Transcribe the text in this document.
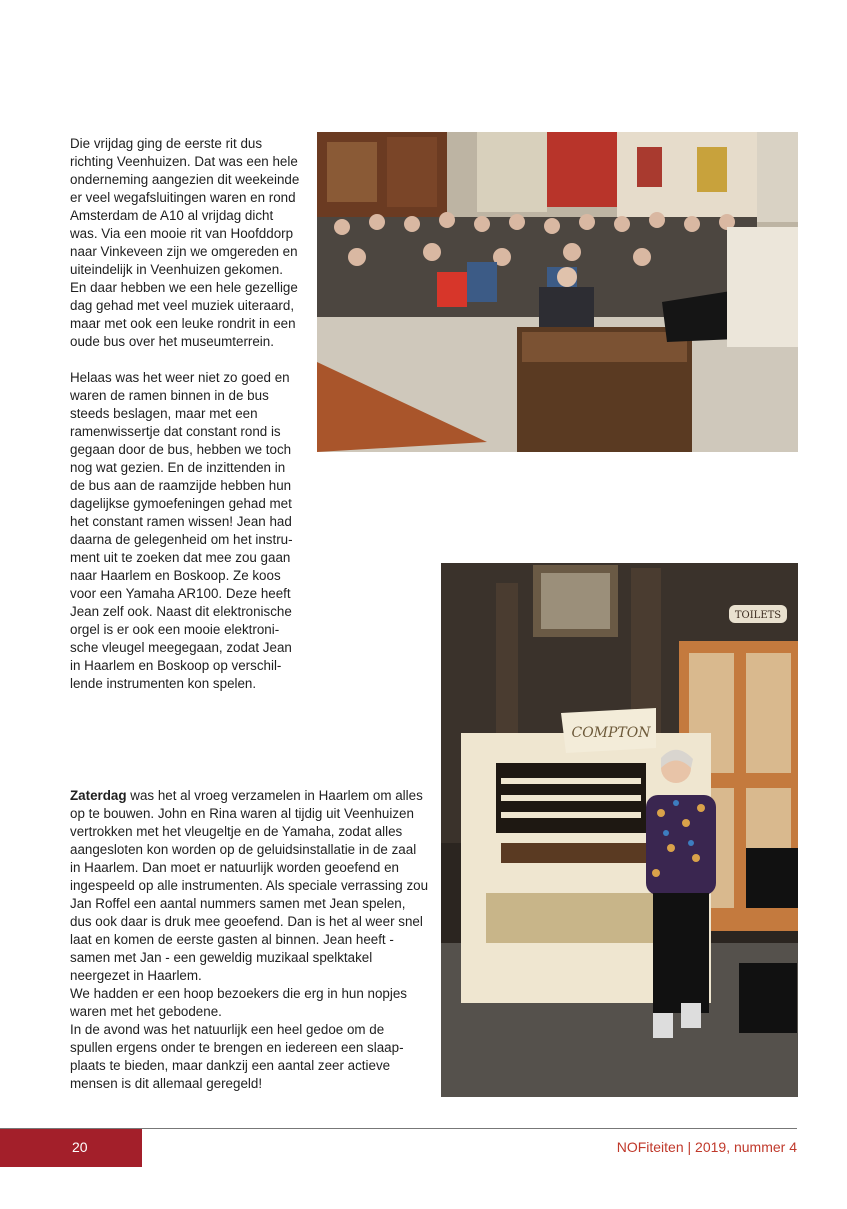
Die vrijdag ging de eerste rit dus richting Veenhuizen. Dat was een hele onderneming aangezien dit weekeinde er veel wegafsluitingen waren en rond Amsterdam de A10 al vrijdag dicht was. Via een mooie rit van Hoofddorp naar Vinkeveen zijn we omgereden en uiteindelijk in Veenhuizen gekomen. En daar hebben we een hele gezellige dag gehad met veel muziek uiteraard, maar met ook een leuke rondrit in een oude bus over het museumterrein.

Helaas was het weer niet zo goed en waren de ramen binnen in de bus steeds beslagen, maar met een ramenwissertje dat constant rond is gegaan door de bus, hebben we toch nog wat gezien. En de inzittenden in de bus aan de raamzijde hebben hun dagelijkse gymoefeningen gehad met het constant ramen wissen! Jean had daarna de gelegenheid om het instrument uit te zoeken dat mee zou gaan naar Haarlem en Boskoop. Ze koos voor een Yamaha AR100. Deze heeft Jean zelf ook. Naast dit elektronische orgel is er ook een mooie elektronische vleugel meegegaan, zodat Jean in Haarlem en Boskoop op verschillende instrumenten kon spelen.

TOILETS
COMPTON

Zaterdag was het al vroeg verzamelen in Haarlem om alles op te bouwen. John en Rina waren al tijdig uit Veenhuizen vertrokken met het vleugeltje en de Yamaha, zodat alles aangesloten kon worden op de geluidsinstallatie in de zaal in Haarlem. Dan moet er natuurlijk worden geoefend en ingespeeld op alle instrumenten. Als speciale verrassing zou Jan Roffel een aantal nummers samen met Jean spelen, dus ook daar is druk mee geoefend. Dan is het al weer snel laat en komen de eerste gasten al binnen. Jean heeft - samen met Jan - een geweldig muzikaal spelktakel neergezet in Haarlem.

We hadden er een hoop bezoekers die erg in hun nopjes waren met het gebodene.

In de avond was het natuurlijk een heel gedoe om de spullen ergens onder te brengen en iedereen een slaapplaats te bieden, maar dankzij een aantal zeer actieve mensen is dit allemaal geregeld!

20	NOFiteiten | 2019, nummer 4
